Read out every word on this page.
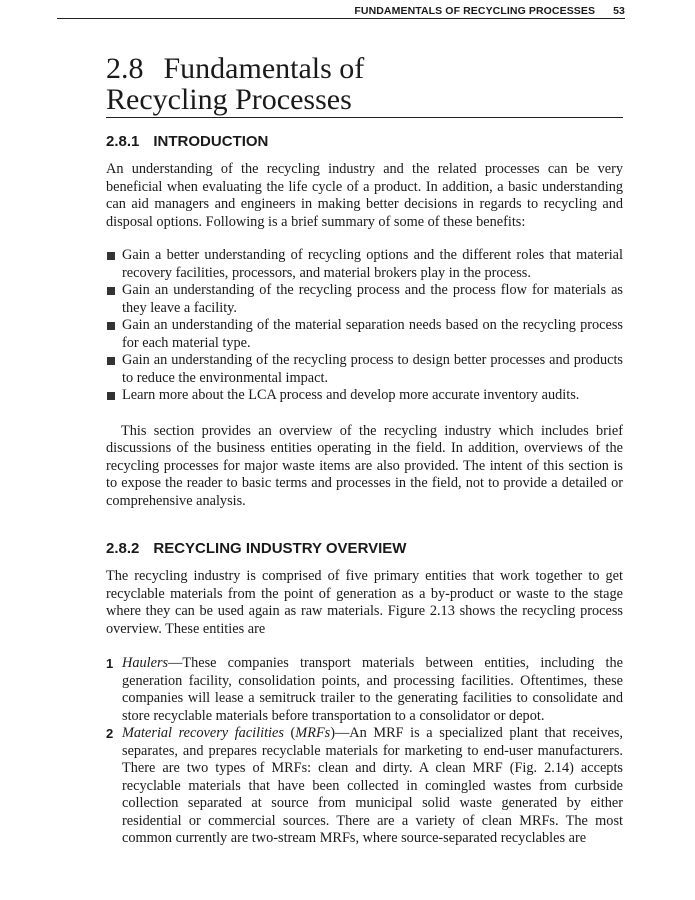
FUNDAMENTALS OF RECYCLING PROCESSES 53
2.8 Fundamentals of
Recycling Processes
2.8.1 INTRODUCTION

An understanding of the recycling industry and the related processes can be very beneficial when evaluating the life cycle of a product. In addition, a basic understanding can aid managers and engineers in making better decisions in regards to recycling and disposal options. Following is a brief summary of some of these benefits:

Gain a better understanding of recycling options and the different roles that material recovery facilities, processors, and material brokers play in the process.
Gain an understanding of the recycling process and the process flow for materials as they leave a facility.
Gain an understanding of the material separation needs based on the recycling process for each material type.
Gain an understanding of the recycling process to design better processes and products to reduce the environmental impact.
Learn more about the LCA process and develop more accurate inventory audits.

This section provides an overview of the recycling industry which includes brief discussions of the business entities operating in the field. In addition, overviews of the recycling processes for major waste items are also provided. The intent of this section is to expose the reader to basic terms and processes in the field, not to provide a detailed or comprehensive analysis.

2.8.2 RECYCLING INDUSTRY OVERVIEW

The recycling industry is comprised of five primary entities that work together to get recyclable materials from the point of generation as a by-product or waste to the stage where they can be used again as raw materials. Figure 2.13 shows the recycling process overview. These entities are

1 Haulers—These companies transport materials between entities, including the generation facility, consolidation points, and processing facilities. Oftentimes, these companies will lease a semitruck trailer to the generating facilities to consolidate and store recyclable materials before transportation to a consolidator or depot.
2 Material recovery facilities (MRFs)—An MRF is a specialized plant that receives, separates, and prepares recyclable materials for marketing to end-user manufacturers. There are two types of MRFs: clean and dirty. A clean MRF (Fig. 2.14) accepts recyclable materials that have been collected in comingled wastes from curbside collection separated at source from municipal solid waste generated by either residential or commercial sources. There are a variety of clean MRFs. The most common currently are two-stream MRFs, where source-separated recyclables are
